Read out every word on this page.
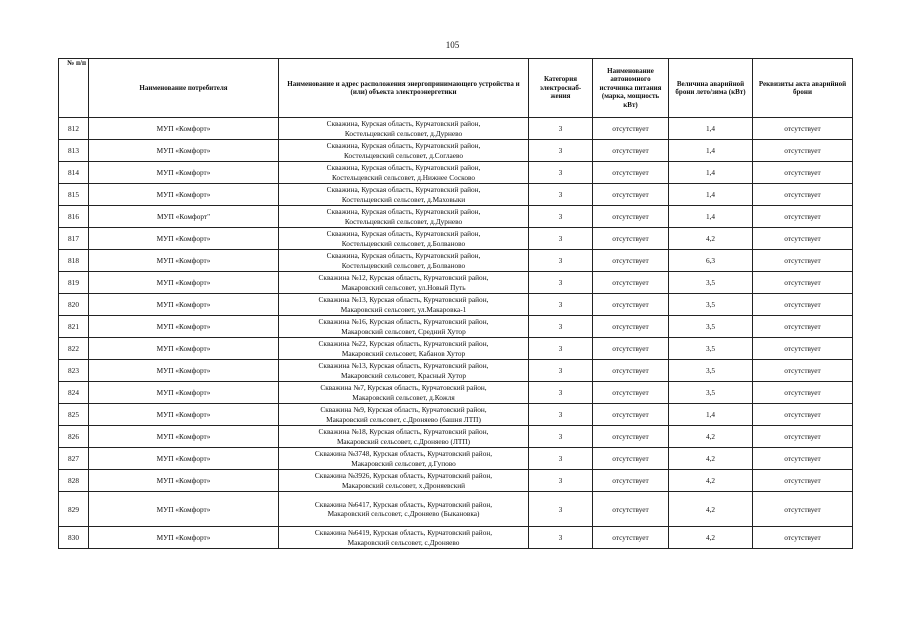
105
№ п/п	Наименование потребителя	Наименование и адрес расположения энергопринимающего устройства и (или) объекта электроэнергетики	Категория электроснаб-жения	Наименование автономного источника питания (марка, мощность кВт)	Величина аварийной брони лето/зима (кВт)	Реквизиты акта аварийной брони
812	МУП «Комфорт»	Скважина, Курская область, Курчатовский район,
Костельцевский сельсовет, д.Дурнево	3	отсутствует	1,4	отсутствует
813	МУП «Комфорт»	Скважина, Курская область, Курчатовский район,
Костельцевский сельсовет, д.Соглаево	3	отсутствует	1,4	отсутствует
814	МУП «Комфорт»	Скважина, Курская область, Курчатовский район,
Костельцевский сельсовет, д.Нижнее Сосково	3	отсутствует	1,4	отсутствует
815	МУП «Комфорт»	Скважина, Курская область, Курчатовский район,
Костельцевский сельсовет, д.Маховыки	3	отсутствует	1,4	отсутствует
816	МУП «Комфорт"	Скважина, Курская область, Курчатовский район,
Костельцевский сельсовет, д.Дурнево	3	отсутствует	1,4	отсутствует
817	МУП «Комфорт»	Скважина, Курская область, Курчатовский район,
Костельцевский сельсовет, д.Болваново	3	отсутствует	4,2	отсутствует
818	МУП «Комфорт»	Скважина, Курская область, Курчатовский район,
Костельцевский сельсовет, д.Болваново	3	отсутствует	6,3	отсутствует
819	МУП «Комфорт»	Скважина №12, Курская область, Курчатовский район,
Макаровский сельсовет, ул.Новый Путь	3	отсутствует	3,5	отсутствует
820	МУП «Комфорт»	Скважина №13, Курская область, Курчатовский район,
Макаровский сельсовет, ул.Макаровка-1	3	отсутствует	3,5	отсутствует
821	МУП «Комфорт»	Скважина №16, Курская область, Курчатовский район,
Макаровский сельсовет, Средний Хутор	3	отсутствует	3,5	отсутствует
822	МУП «Комфорт»	Скважина №22, Курская область, Курчатовский район,
Макаровский сельсовет, Кабанов Хутор	3	отсутствует	3,5	отсутствует
823	МУП «Комфорт»	Скважина №13, Курская область, Курчатовский район,
Макаровский сельсовет, Красный Хутор	3	отсутствует	3,5	отсутствует
824	МУП «Комфорт»	Скважина №7, Курская область, Курчатовский район,
Макаровский сельсовет, д.Кожля	3	отсутствует	3,5	отсутствует
825	МУП «Комфорт»	Скважина №9, Курская область, Курчатовский район,
Макаровский сельсовет, с.Дроняево (башня ЛТП)	3	отсутствует	1,4	отсутствует
826	МУП «Комфорт»	Скважина №18, Курская область, Курчатовский район,
Макаровский сельсовет, с.Дроняево (ЛТП)	3	отсутствует	4,2	отсутствует
827	МУП «Комфорт»	Скважина №3748, Курская область, Курчатовский район,
Макаровский сельсовет, д.Гупово	3	отсутствует	4,2	отсутствует
828	МУП «Комфорт»	Скважина №3926, Курская область, Курчатовский район,
Макаровский сельсовет, х.Дроняевский	3	отсутствует	4,2	отсутствует
829	МУП «Комфорт»	Скважина №6417, Курская область, Курчатовский район,
Макаровский сельсовет, с.Дроняево (Быкановка)	3	отсутствует	4,2	отсутствует
830	МУП «Комфорт»	Скважина №6419, Курская область, Курчатовский район,
Макаровский сельсовет, с.Дроняево	3	отсутствует	4,2	отсутствует
